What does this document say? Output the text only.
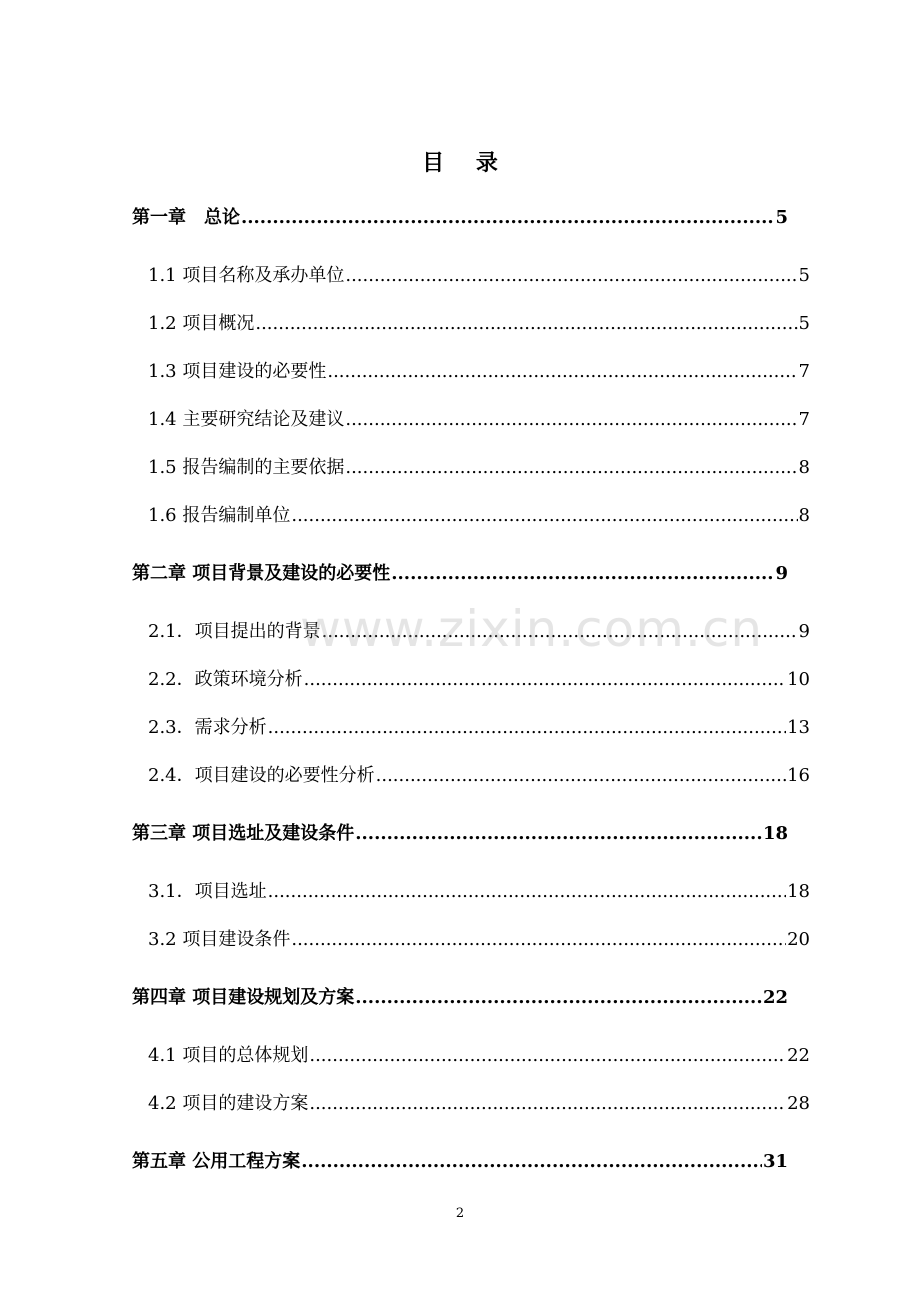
目 录
第一章　总论 .....	5
1.1 项目名称及承办单位 .....	5
1.2 项目概况 .....	5
1.3 项目建设的必要性 .....	7
1.4 主要研究结论及建议 .....	7
1.5 报告编制的主要依据 .....	8
1.6 报告编制单位 .....	8
第二章 项目背景及建设的必要性 .....	9
2.1．项目提出的背景 .....	9
2.2．政策环境分析 .....	10
2.3．需求分析 .....	13
2.4．项目建设的必要性分析 .....	16
第三章 项目选址及建设条件 .....	18
3.1．项目选址 .....	18
3.2 项目建设条件 .....	20
第四章 项目建设规划及方案 .....	22
4.1 项目的总体规划 .....	22
4.2 项目的建设方案 .....	28
第五章 公用工程方案 .....	31
www.zixin.com.cn
2
